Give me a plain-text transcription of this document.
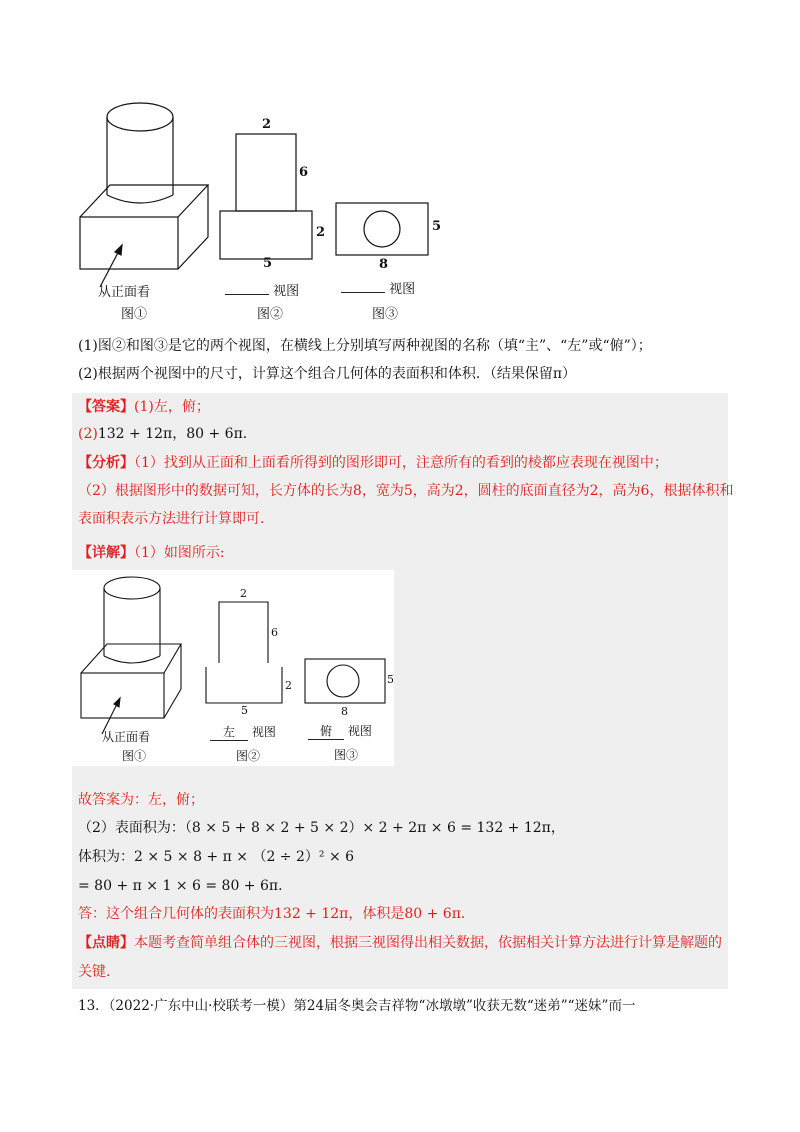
2
6
2
5
5
8
从正面看
图①
视图
图②
视图
图③
(1)图②和图③是它的两个视图，在横线上分别填写两种视图的名称（填“主”、“左”或“俯”）；
(2)根据两个视图中的尺寸，计算这个组合几何体的表面积和体积．（结果保留π）
【答案】(1)左，俯；
(2)132 + 12π，80 + 6π．
【分析】（1）找到从正面和上面看所得到的图形即可，注意所有的看到的棱都应表现在视图中；
（2）根据图形中的数据可知，长方体的长为8，宽为5，高为2，圆柱的底面直径为2，高为6，根据体积和
表面积表示方法进行计算即可.
【详解】（1）如图所示:
2
6
2
5
5
8
从正面看
图①
左 视图
图②
俯 视图
图③
故答案为：左，俯；
（2）表面积为：（8 × 5 + 8 × 2 + 5 × 2）× 2 + 2π × 6 = 132 + 12π，
体积为：2 × 5 × 8 + π × （2 ÷ 2）² × 6
= 80 + π × 1 × 6 = 80 + 6π．
答：这个组合几何体的表面积为132 + 12π，体积是80 + 6π．
【点睛】本题考查简单组合体的三视图，根据三视图得出相关数据，依据相关计算方法进行计算是解题的
关键.
13．（2022·广东中山·校联考一模）第24届冬奥会吉祥物“冰墩墩”收获无数“迷弟”“迷妹”而一
